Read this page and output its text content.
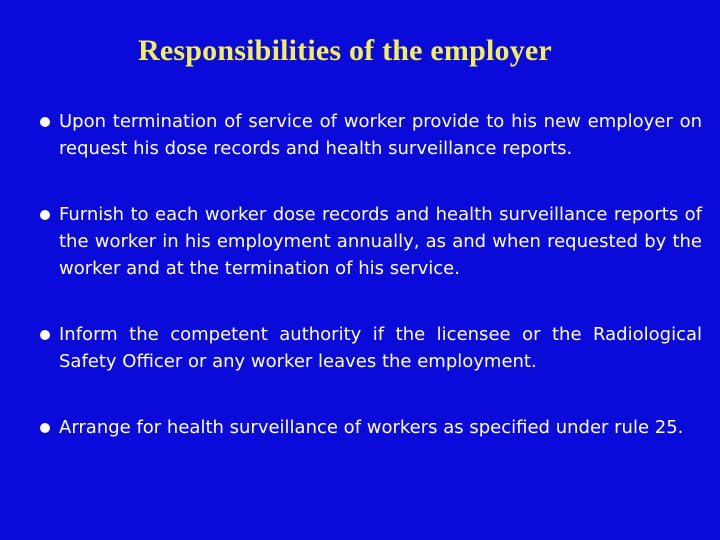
Responsibilities of the employer
Upon termination of service of worker provide to his new employer on request his dose records and health surveillance reports.
Furnish to each worker dose records and health surveillance reports of the worker in his employment annually, as and when requested by the worker and at the termination of his service.
Inform the competent authority if the licensee or the Radiological Safety Officer or any worker leaves the employment.
Arrange for health surveillance of workers as specified under rule 25.
